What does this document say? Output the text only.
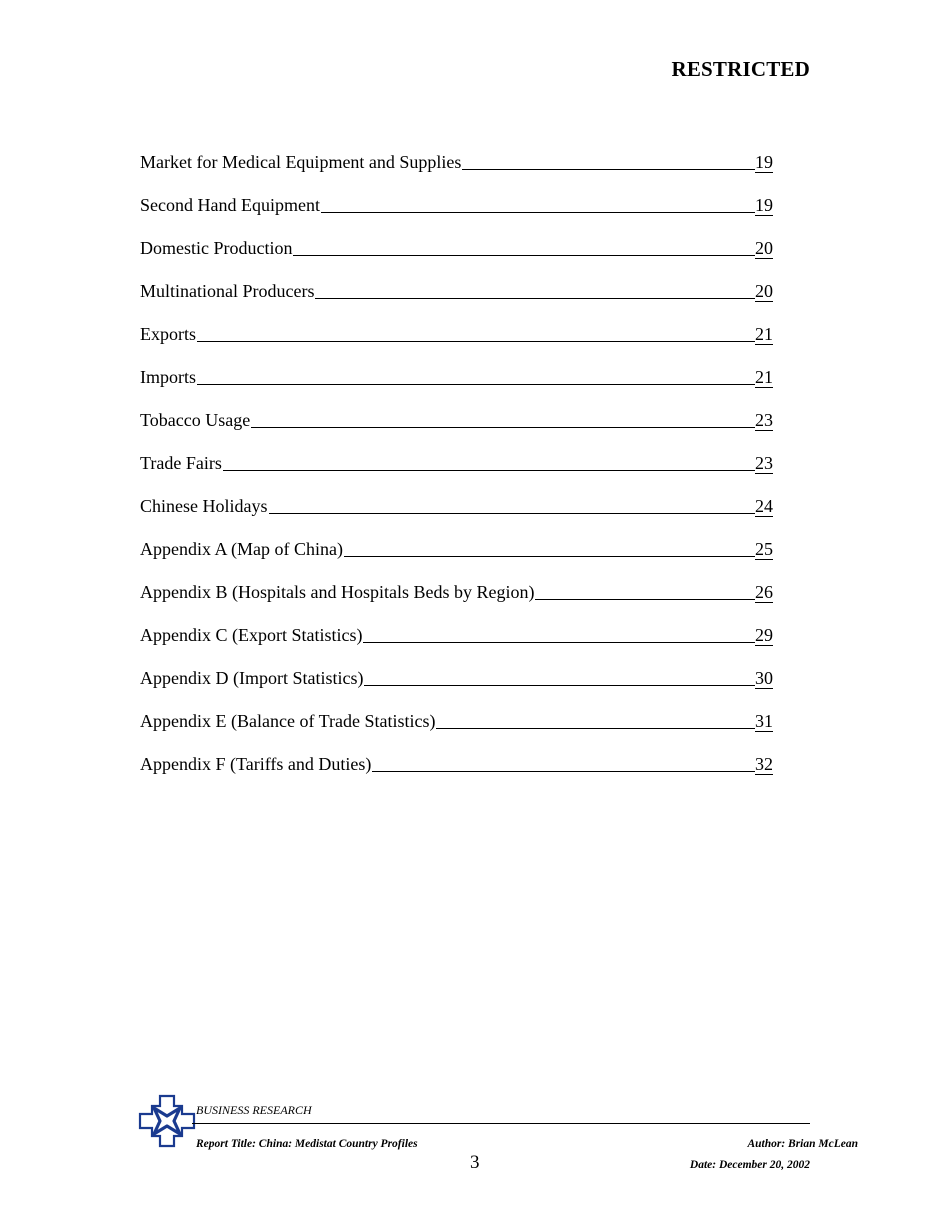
RESTRICTED
Market for Medical Equipment and Supplies	19
Second Hand Equipment	19
Domestic Production	20
Multinational Producers	20
Exports	21
Imports	21
Tobacco Usage	23
Trade Fairs	23
Chinese Holidays	24
Appendix A (Map of China)	25
Appendix B (Hospitals and Hospitals Beds by Region)	26
Appendix C (Export Statistics)	29
Appendix D (Import Statistics)	30
Appendix E (Balance of Trade Statistics)	31
Appendix F (Tariffs and Duties)	32
BUSINESS RESEARCH
Report Title: China: Medistat Country Profiles	Author: Brian McLean
3	Date: December 20, 2002
